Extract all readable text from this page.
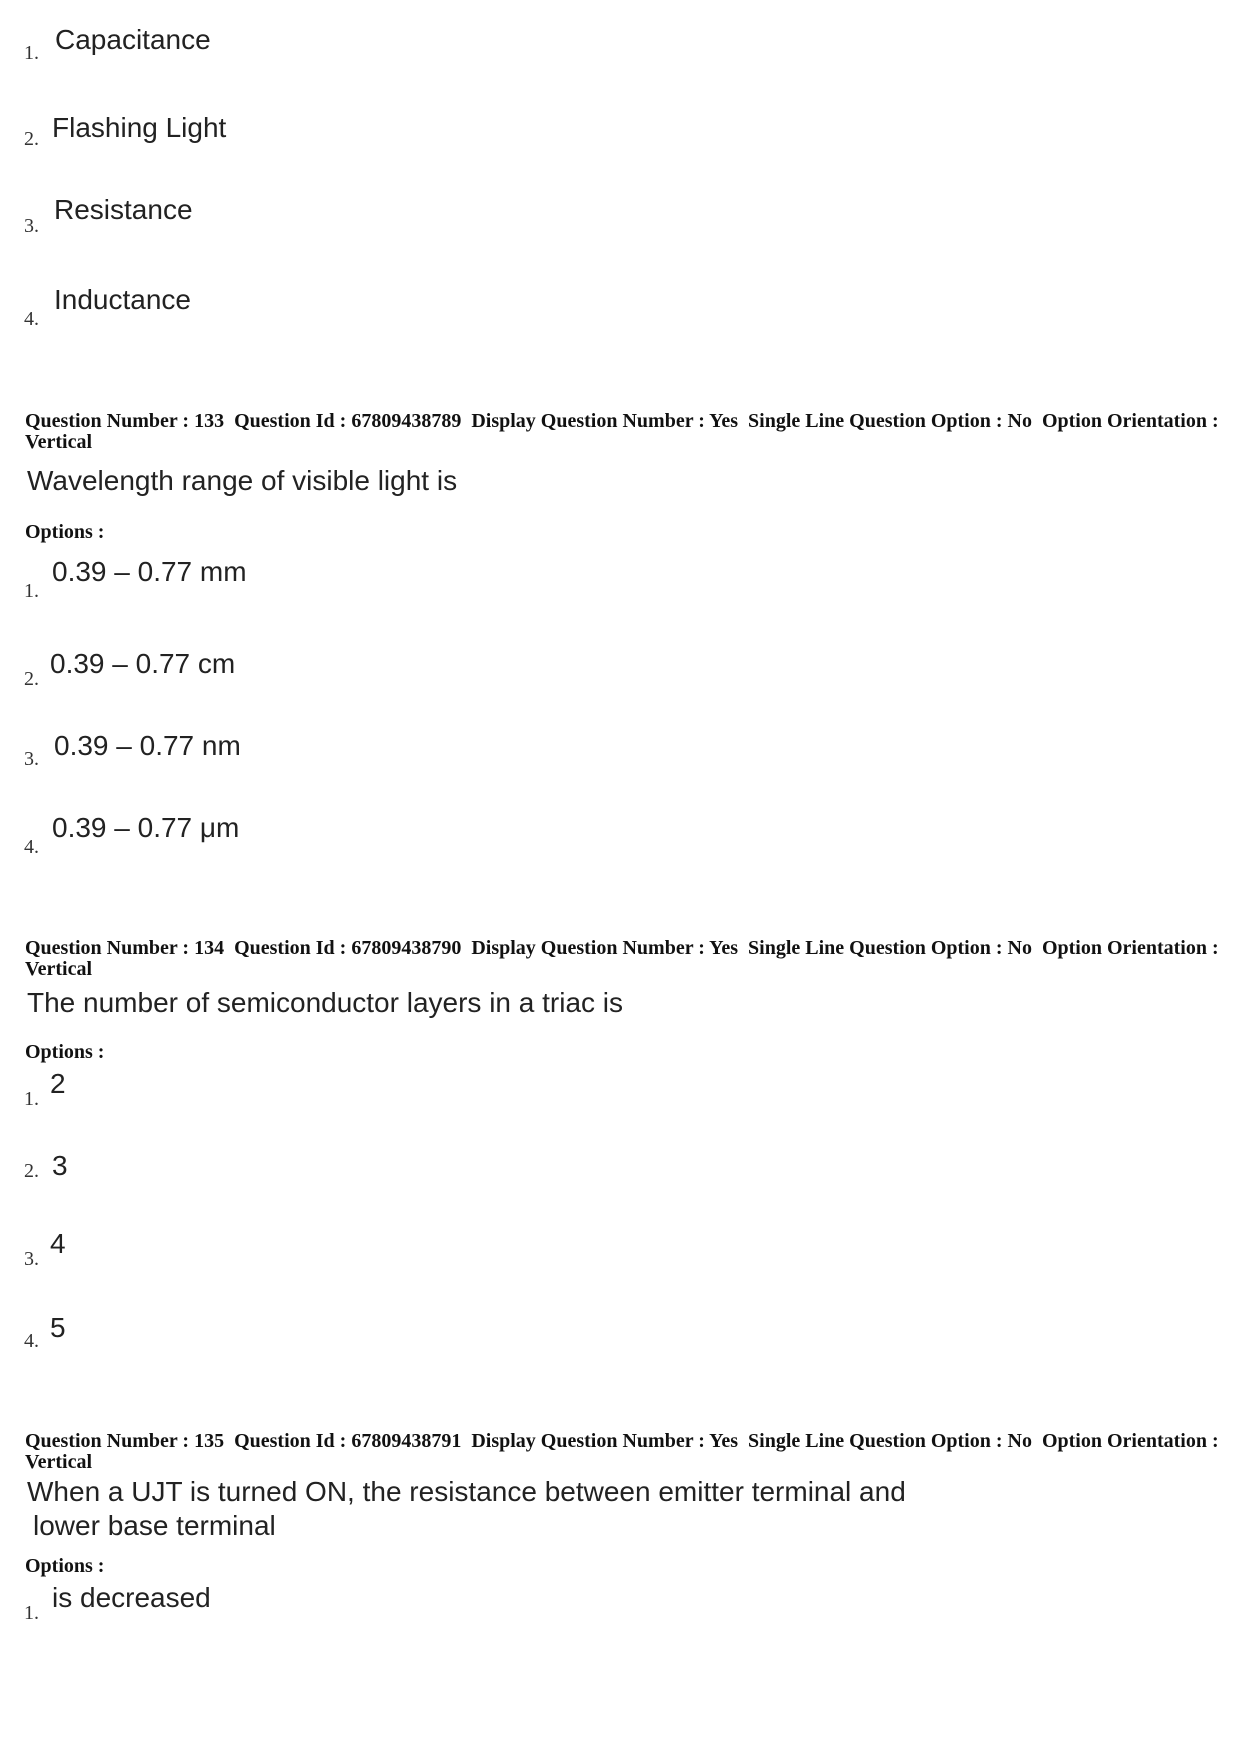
1. Capacitance
2. Flashing Light
3.
Resistance
4.
Inductance
Question Number : 133  Question Id : 67809438789  Display Question Number : Yes  Single Line Question Option : No  Option Orientation : Vertical
Wavelength range of visible light is
Options :
1.
0.39 – 0.77 mm
2. 0.39 – 0.77 cm
3. 0.39 – 0.77 nm
4.
0.39 – 0.77 μm
Question Number : 134  Question Id : 67809438790  Display Question Number : Yes  Single Line Question Option : No  Option Orientation : Vertical
The number of semiconductor layers in a triac is
Options :
1. 2
2. 3
3. 4
4. 5
Question Number : 135  Question Id : 67809438791  Display Question Number : Yes  Single Line Question Option : No  Option Orientation : Vertical
When a UJT is turned ON, the resistance between emitter terminal and
lower base terminal
Options :
1. is decreased
